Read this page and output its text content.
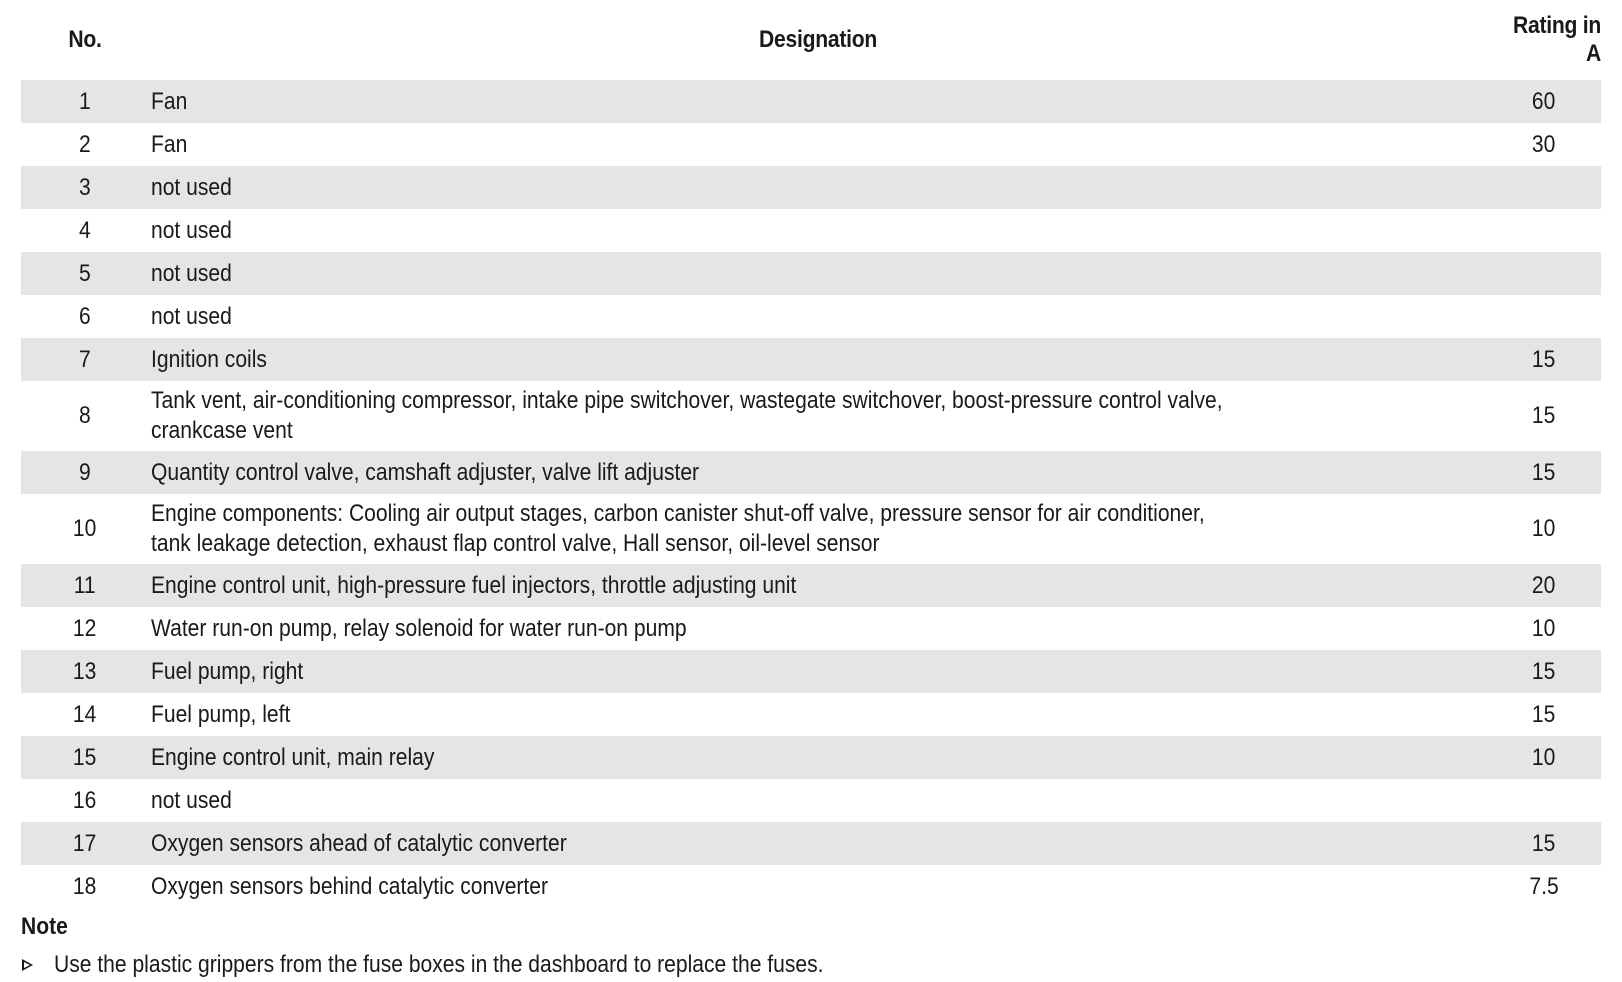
No.	Designation	Rating in A
1	Fan	60
2	Fan	30
3	not used	
4	not used	
5	not used	
6	not used	
7	Ignition coils	15
8	Tank vent, air-conditioning compressor, intake pipe switchover, wastegate switchover, boost-pressure control valve,
crankcase vent	15
9	Quantity control valve, camshaft adjuster, valve lift adjuster	15
10	Engine components: Cooling air output stages, carbon canister shut-off valve, pressure sensor for air conditioner,
tank leakage detection, exhaust flap control valve, Hall sensor, oil-level sensor	10
11	Engine control unit, high-pressure fuel injectors, throttle adjusting unit	20
12	Water run-on pump, relay solenoid for water run-on pump	10
13	Fuel pump, right	15
14	Fuel pump, left	15
15	Engine control unit, main relay	10
16	not used	
17	Oxygen sensors ahead of catalytic converter	15
18	Oxygen sensors behind catalytic converter	7.5
Note
Use the plastic grippers from the fuse boxes in the dashboard to replace the fuses.
